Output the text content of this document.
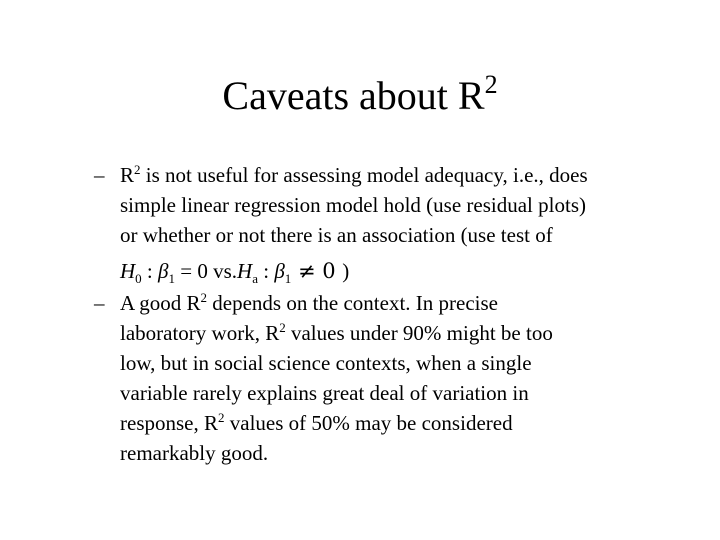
Caveats about $R^2$
– $R^2$ is not useful for assessing model adequacy, i.e., does
simple linear regression model hold (use residual plots)
or whether or not there is an association (use test of
$H_0$ : $\beta_1 = 0$ $vs.H_a$ : $\beta_1 \ne 0$ )
– A good $R^2$ depends on the context. In precise
laboratory work, $R^2$ values under 90% might be too
low, but in social science contexts, when a single
variable rarely explains great deal of variation in
response, $R^2$ values of 50% may be considered
remarkably good.
